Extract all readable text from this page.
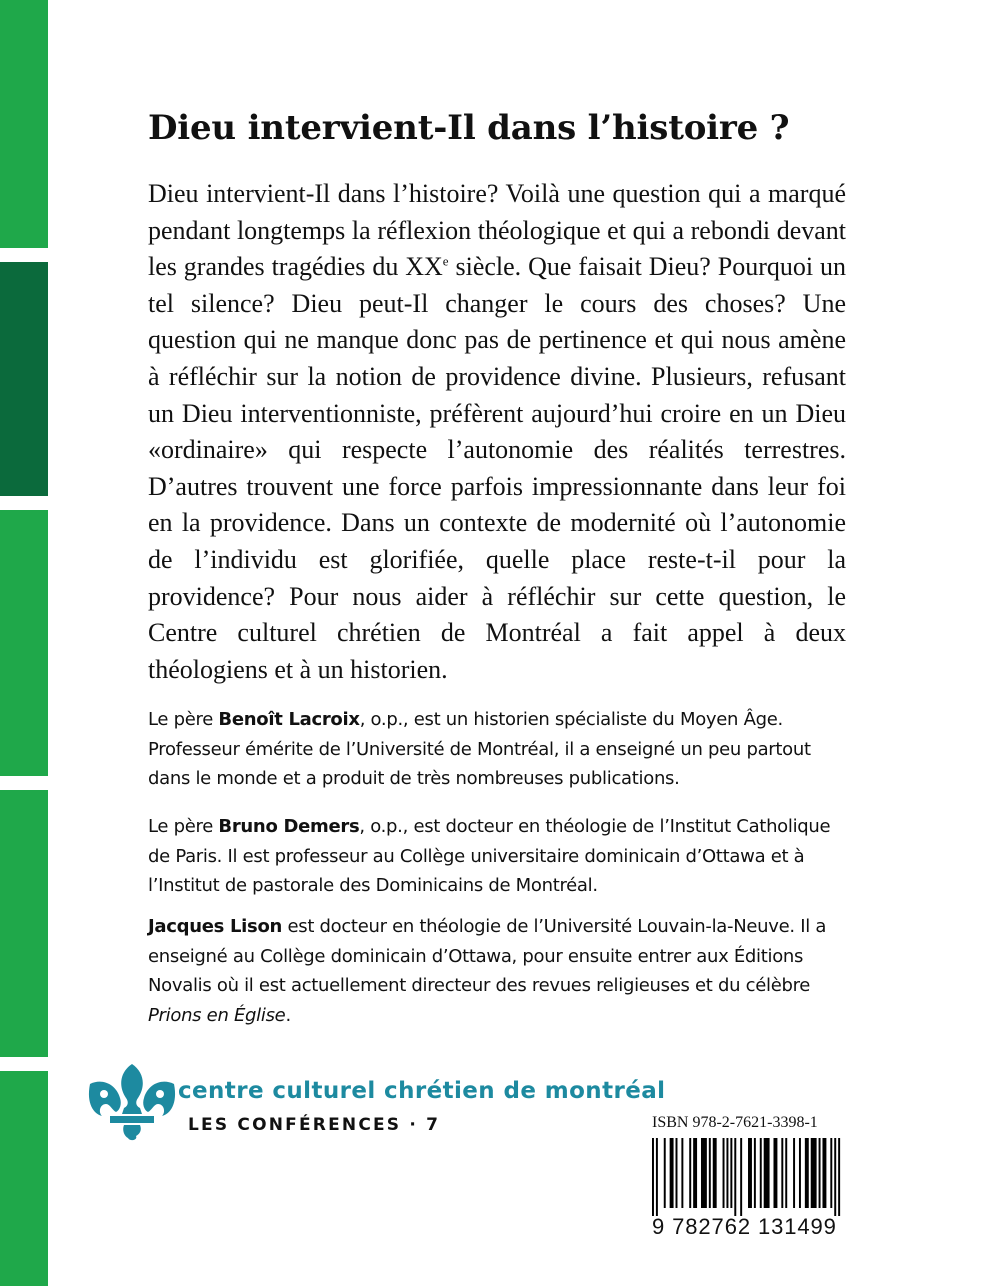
Dieu intervient-Il dans l’histoire ?

Dieu intervient-Il dans l’histoire? Voilà une question qui a marqué pendant longtemps la réflexion théologique et qui a rebondi devant les grandes tragédies du XXe siècle. Que faisait Dieu? Pourquoi un tel silence? Dieu peut-Il changer le cours des choses? Une question qui ne manque donc pas de pertinence et qui nous amène à réfléchir sur la notion de providence divine. Plusieurs, refusant un Dieu interventionniste, préfèrent aujourd’hui croire en un Dieu «ordinaire» qui respecte l’autonomie des réalités terrestres. D’autres trouvent une force parfois impressionnante dans leur foi en la providence. Dans un contexte de modernité où l’autonomie de l’individu est glorifiée, quelle place reste-t-il pour la providence? Pour nous aider à réfléchir sur cette question, le Centre culturel chrétien de Montréal a fait appel à deux théologiens et à un historien.

Le père Benoît Lacroix, o.p., est un historien spécialiste du Moyen Âge. Professeur émérite de l’Université de Montréal, il a enseigné un peu partout dans le monde et a produit de très nombreuses publications.

Le père Bruno Demers, o.p., est docteur en théologie de l’Institut Catholique de Paris. Il est professeur au Collège universitaire dominicain d’Ottawa et à l’Institut de pastorale des Dominicains de Montréal.

Jacques Lison est docteur en théologie de l’Université Louvain-la-Neuve. Il a enseigné au Collège dominicain d’Ottawa, pour ensuite entrer aux Éditions Novalis où il est actuellement directeur des revues religieuses et du célèbre Prions en Église.

centre culturel chrétien de montréal

LES CONFÉRENCES · 7	ISBN 978-2-7621-3398-1

9 782762 131499
